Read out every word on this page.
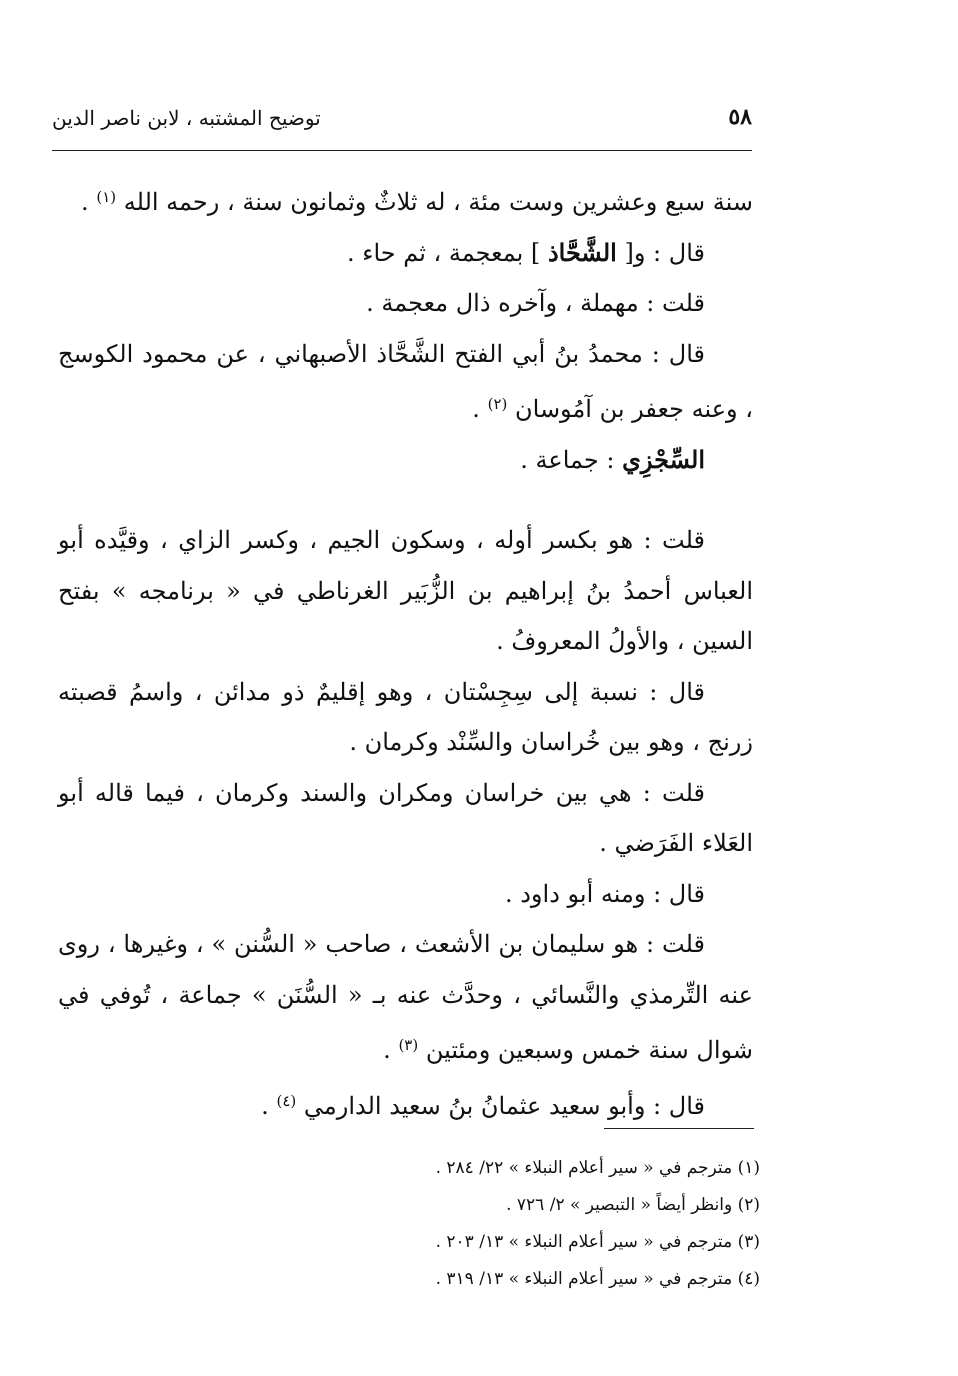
٥٨
توضيح المشتبه ، لابن ناصر الدين

سنة سبع وعشرين وست مئة ، له ثلاثٌ وثمانون سنة ، رحمه الله $^{(١)}$ .

قال : و[ الشَّحَّاذ ] بمعجمة ، ثم حاء .

قلت : مهملة ، وآخره ذال معجمة .

قال : محمدُ بنُ أبي الفتح الشَّحَّاذ الأصبهاني ، عن محمود الكوسج ، وعنه جعفر بن آمُوسان $^{(٢)}$ .

السِّجْزِي : جماعة .

قلت : هو بكسر أوله ، وسكون الجيم ، وكسر الزاي ، وقيَّده أبو العباس أحمدُ بنُ إبراهيم بن الزُّبَير الغرناطي في « برنامجه » بفتح السين ، والأولُ المعروفُ .

قال : نسبة إلى سِجِسْتان ، وهو إقليمٌ ذو مدائن ، واسمُ قصبته زرنج ، وهو بين خُراسان والسِّنْد وكرمان .

قلت : هي بين خراسان ومكران والسند وكرمان ، فيما قاله أبو العَلاء الفَرَضي .

قال : ومنه أبو داود .

قلت : هو سليمان بن الأشعث ، صاحب « السُّنن » ، وغيرها ، روى عنه التِّرمذي والنَّسائي ، وحدَّث عنه بـ « السُّنَن » جماعة ، تُوفي في شوال سنة خمس وسبعين ومئتين $^{(٣)}$ .

قال : وأبو سعيد عثمانُ بنُ سعيد الدارمي $^{(٤)}$ .

(١) مترجم في « سير أعلام النبلاء » ٢٢/ ٢٨٤ .
(٢) وانظر أيضاً « التبصير » ٢/ ٧٢٦ .
(٣) مترجم في « سير أعلام النبلاء » ١٣/ ٢٠٣ .
(٤) مترجم في « سير أعلام النبلاء » ١٣/ ٣١٩ .
